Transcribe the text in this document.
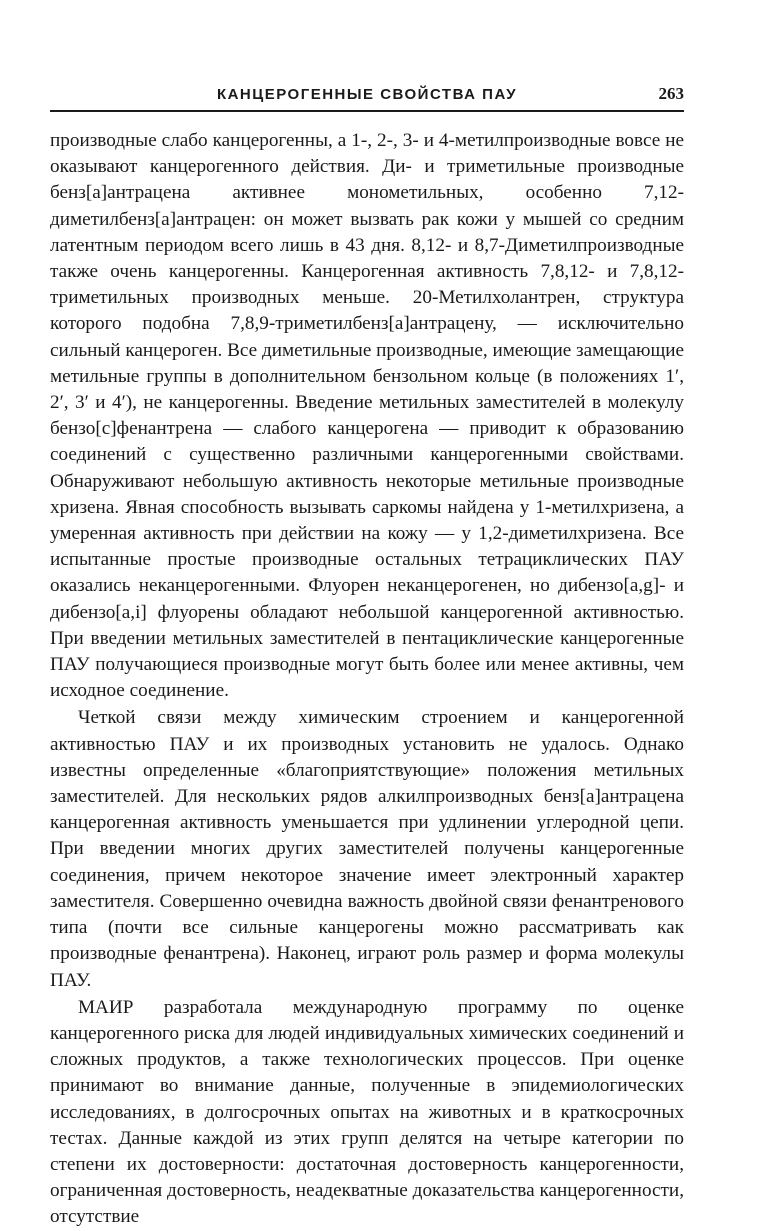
КАНЦЕРОГЕННЫЕ СВОЙСТВА ПАУ	263

производные слабо канцерогенны, а 1-, 2-, 3- и 4-метилпроизводные вовсе не оказывают канцерогенного действия. Ди- и триметильные производные бенз[a]антрацена активнее монометильных, особенно 7,12-диметилбенз[a]антрацен: он может вызвать рак кожи у мышей со средним латентным периодом всего лишь в 43 дня. 8,12- и 8,7-Диметилпроизводные также очень канцерогенны. Канцерогенная активность 7,8,12- и 7,8,12-триметильных производных меньше. 20-Метилхолантрен, структура которого подобна 7,8,9-триметилбенз[a]антрацену, — исключительно сильный канцероген. Все диметильные производные, имеющие замещающие метильные группы в дополнительном бензольном кольце (в положениях 1′, 2′, 3′ и 4′), не канцерогенны. Введение метильных заместителей в молекулу бензо[c]фенантрена — слабого канцерогена — приводит к образованию соединений с существенно различными канцерогенными свойствами. Обнаруживают небольшую активность некоторые метильные производные хризена. Явная способность вызывать саркомы найдена у 1-метилхризена, а умеренная активность при действии на кожу — у 1,2-диметилхризена. Все испытанные простые производные остальных тетрациклических ПАУ оказались неканцерогенными. Флуорен неканцерогенен, но дибензо[a,g]- и дибензо[a,i] флуорены обладают небольшой канцерогенной активностью. При введении метильных заместителей в пентациклические канцерогенные ПАУ получающиеся производные могут быть более или менее активны, чем исходное соединение.

Четкой связи между химическим строением и канцерогенной активностью ПАУ и их производных установить не удалось. Однако известны определенные «благоприятствующие» положения метильных заместителей. Для нескольких рядов алкилпроизводных бенз[a]антрацена канцерогенная активность уменьшается при удлинении углеродной цепи. При введении многих других заместителей получены канцерогенные соединения, причем некоторое значение имеет электронный характер заместителя. Совершенно очевидна важность двойной связи фенантренового типа (почти все сильные канцерогены можно рассматривать как производные фенантрена). Наконец, играют роль размер и форма молекулы ПАУ.

МАИР разработала международную программу по оценке канцерогенного риска для людей индивидуальных химических соединений и сложных продуктов, а также технологических процессов. При оценке принимают во внимание данные, полученные в эпидемиологических исследованиях, в долгосрочных опытах на животных и в краткосрочных тестах. Данные каждой из этих групп делятся на четыре категории по степени их достоверности: достаточная достоверность канцерогенности, ограниченная достоверность, неадекватные доказательства канцерогенности, отсутствие
